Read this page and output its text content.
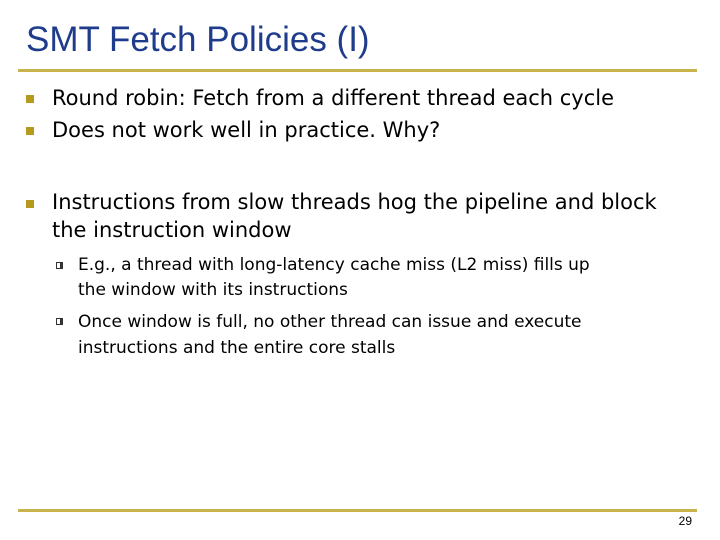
SMT Fetch Policies (I)
Round robin: Fetch from a different thread each cycle
Does not work well in practice. Why?
Instructions from slow threads hog the pipeline and block
the instruction window
E.g., a thread with long-latency cache miss (L2 miss) fills up
the window with its instructions
Once window is full, no other thread can issue and execute
instructions and the entire core stalls
29
